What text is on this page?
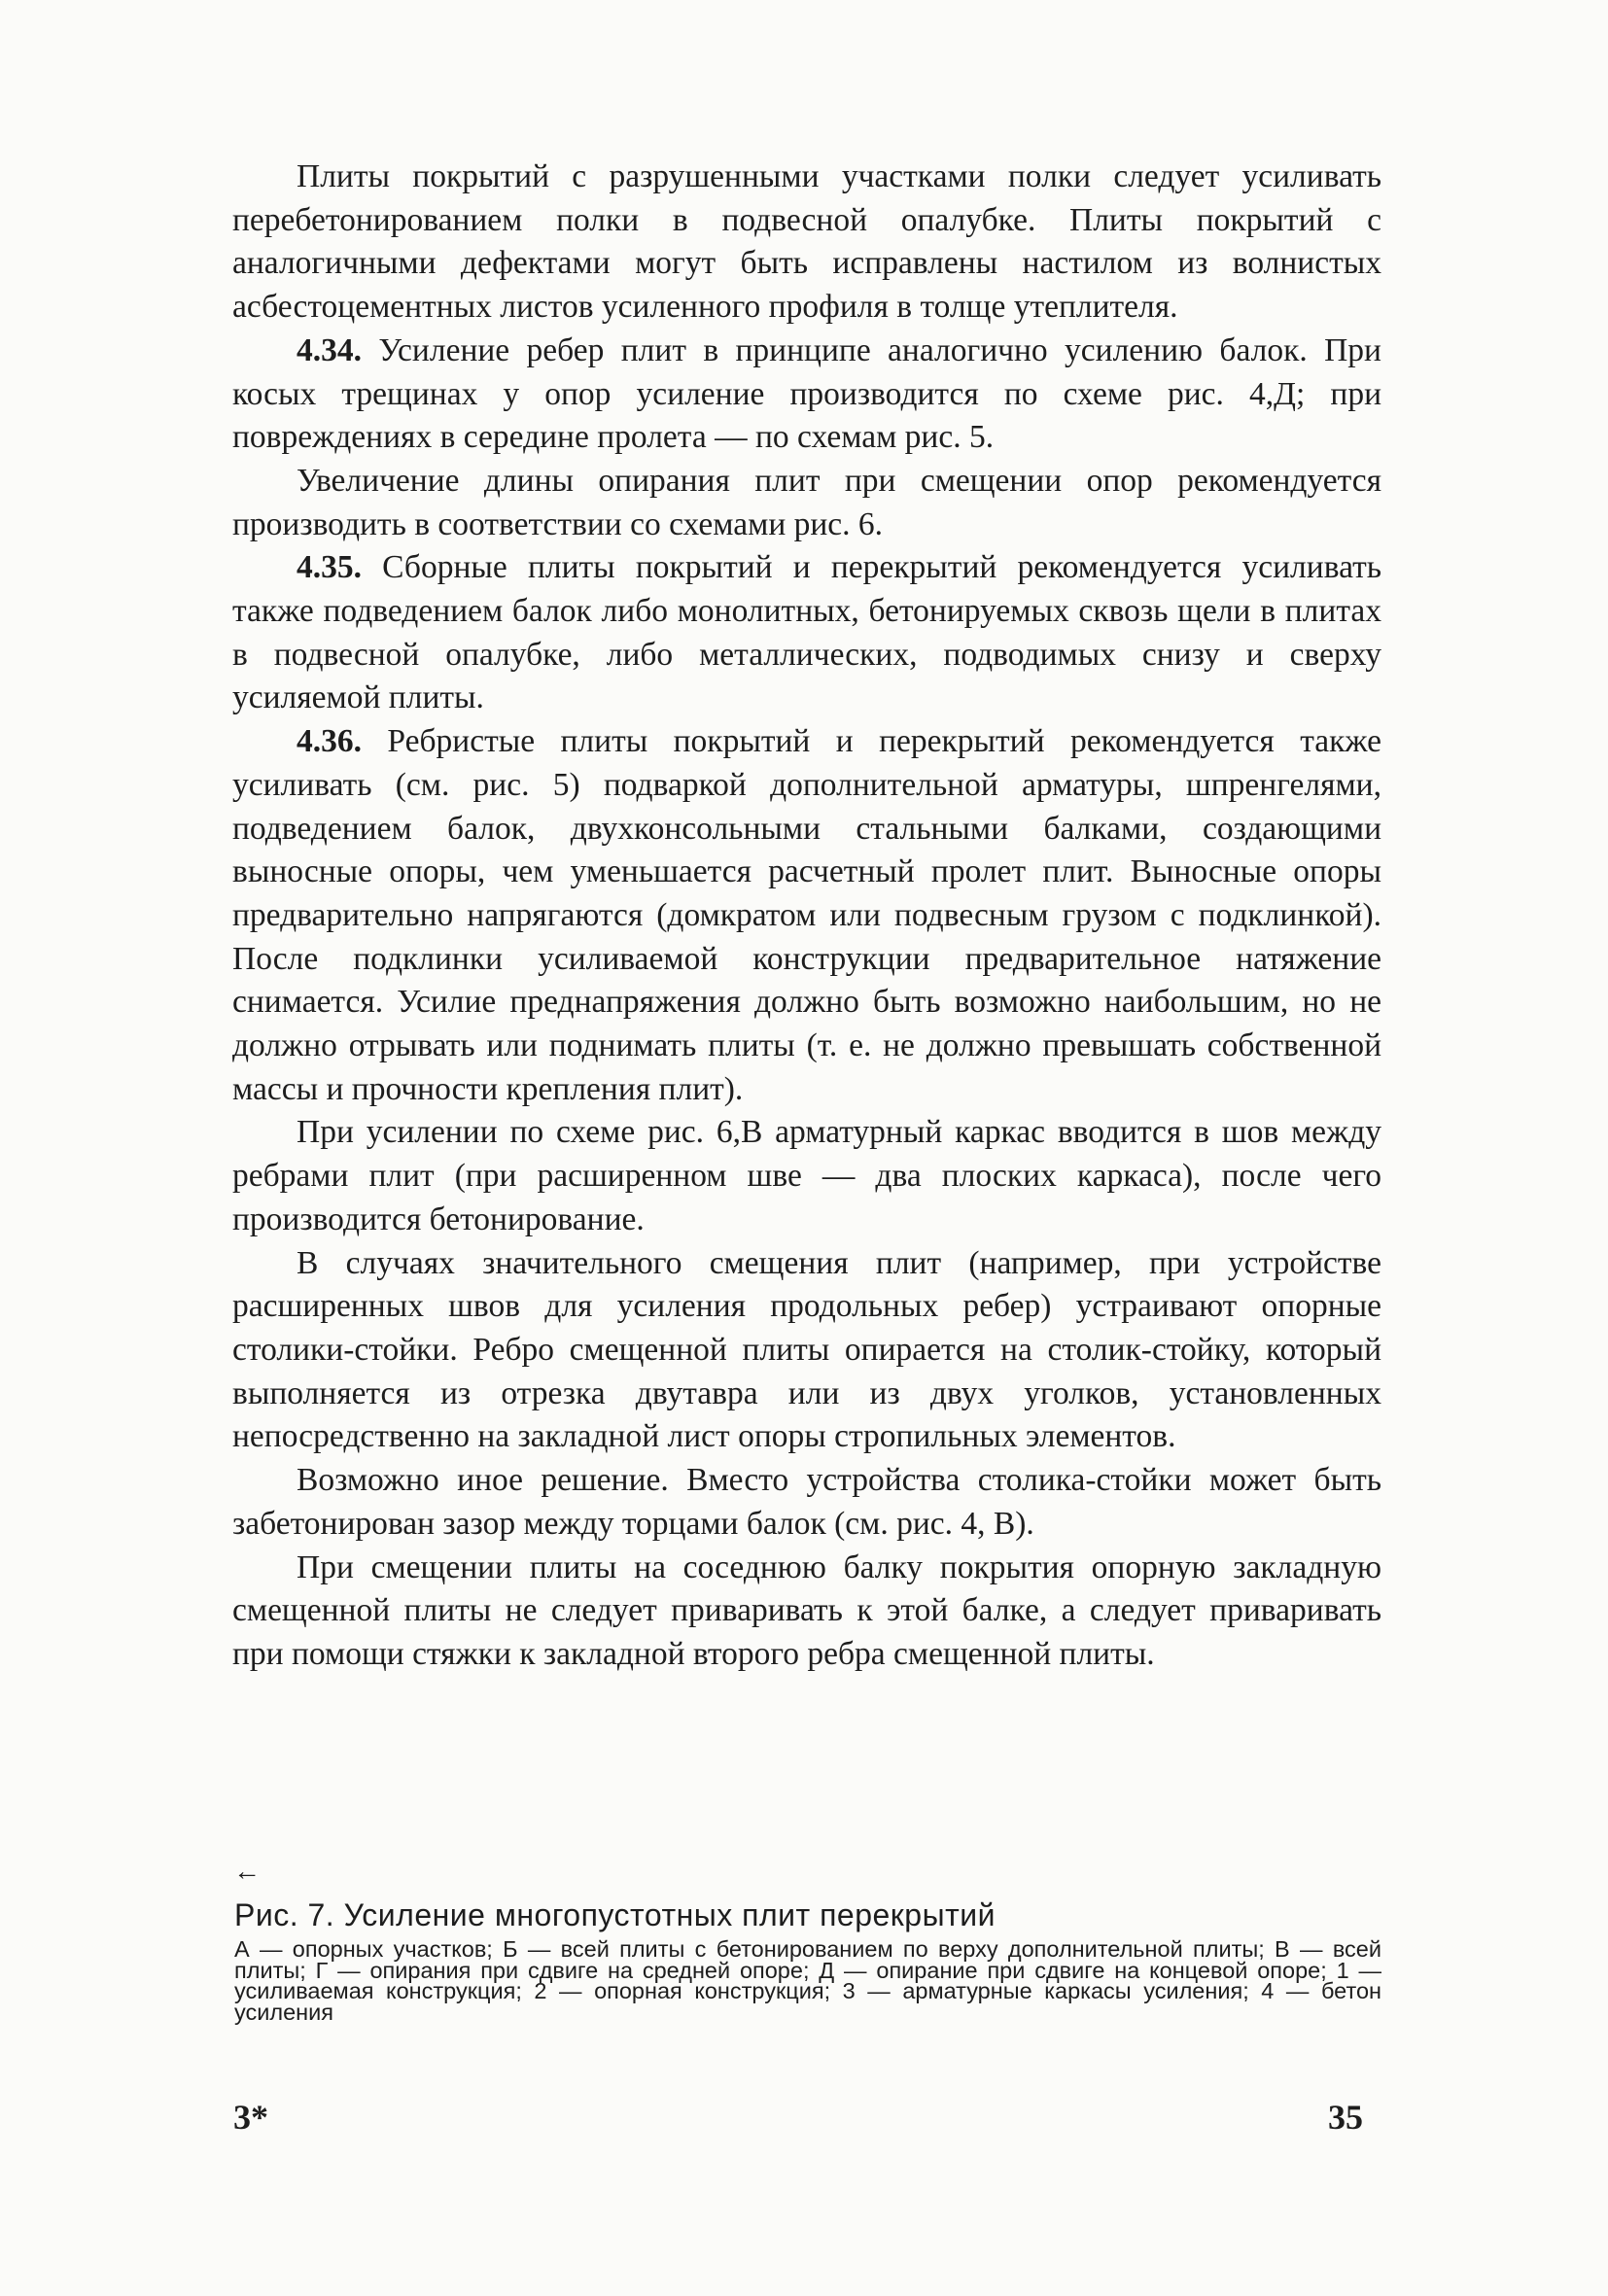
Плиты покрытий с разрушенными участками полки следует усиливать перебетонированием полки в подвесной опалубке. Плиты покрытий с аналогичными дефектами могут быть исправлены настилом из волнистых асбестоцементных листов усиленного профиля в толще утеплителя.

4.34. Усиление ребер плит в принципе аналогично усилению балок. При косых трещинах у опор усиление производится по схеме рис. 4,Д; при повреждениях в середине пролета — по схемам рис. 5.

Увеличение длины опирания плит при смещении опор рекомендуется производить в соответствии со схемами рис. 6.

4.35. Сборные плиты покрытий и перекрытий рекомендуется усиливать также подведением балок либо монолитных, бетонируемых сквозь щели в плитах в подвесной опалубке, либо металлических, подводимых снизу и сверху усиляемой плиты.

4.36. Ребристые плиты покрытий и перекрытий рекомендуется также усиливать (см. рис. 5) подваркой дополнительной арматуры, шпренгелями, подведением балок, двухконсольными стальными балками, создающими выносные опоры, чем уменьшается расчетный пролет плит. Выносные опоры предварительно напрягаются (домкратом или подвесным грузом с подклинкой). После подклинки усиливаемой конструкции предварительное натяжение снимается. Усилие преднапряжения должно быть возможно наибольшим, но не должно отрывать или поднимать плиты (т. е. не должно превышать собственной массы и прочности крепления плит).

При усилении по схеме рис. 6,В арматурный каркас вводится в шов между ребрами плит (при расширенном шве — два плоских каркаса), после чего производится бетонирование.

В случаях значительного смещения плит (например, при устройстве расширенных швов для усиления продольных ребер) устраивают опорные столики-стойки. Ребро смещенной плиты опирается на столик-стойку, который выполняется из отрезка двутавра или из двух уголков, установленных непосредственно на закладной лист опоры стропильных элементов.

Возможно иное решение. Вместо устройства столика-стойки может быть забетонирован зазор между торцами балок (см. рис. 4, В).

При смещении плиты на соседнюю балку покрытия опорную закладную смещенной плиты не следует приваривать к этой балке, а следует приваривать при помощи стяжки к закладной второго ребра смещенной плиты.

←
Рис. 7. Усиление многопустотных плит перекрытий
А — опорных участков; Б — всей плиты с бетонированием по верху дополнительной плиты; В — всей плиты; Г — опирания при сдвиге на средней опоре; Д — опирание при сдвиге на концевой опоре; 1 — усиливаемая конструкция; 2 — опорная конструкция; 3 — арматурные каркасы усиления; 4 — бетон усиления
3*	35
